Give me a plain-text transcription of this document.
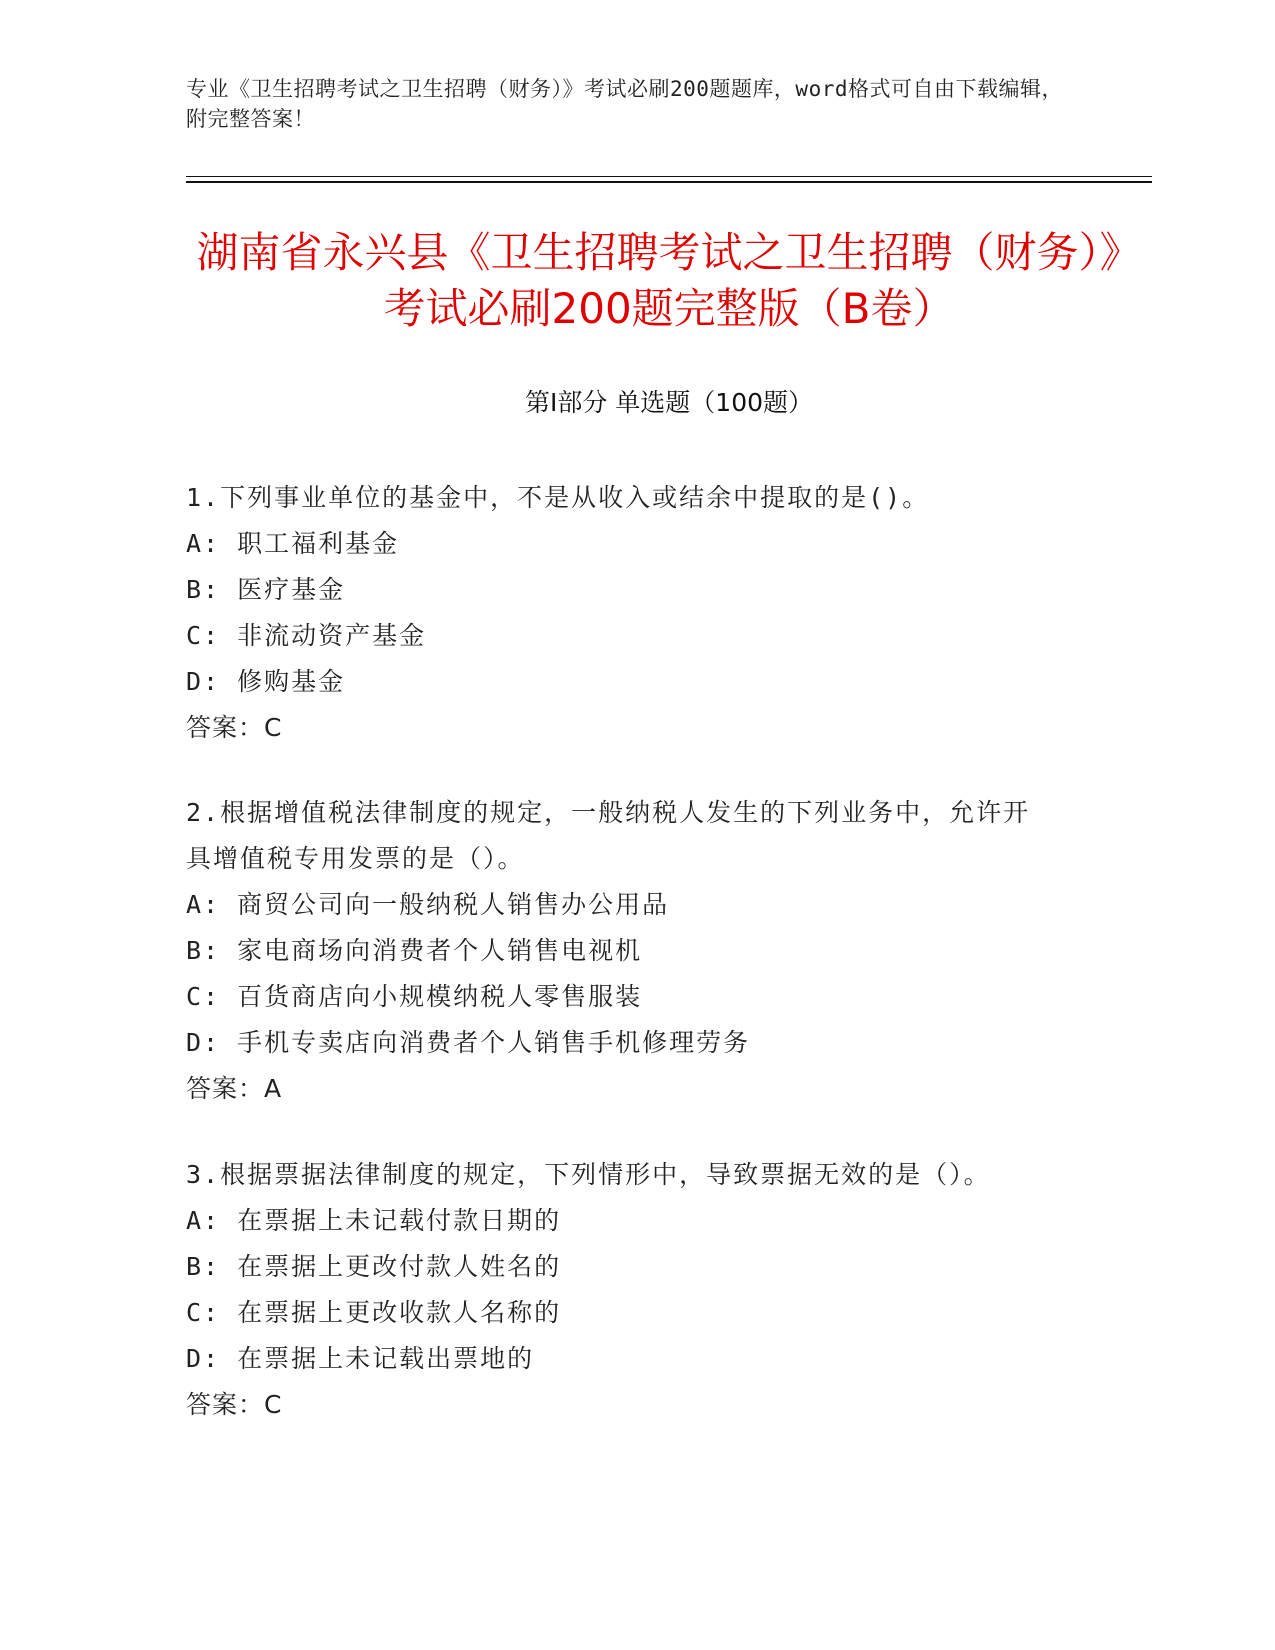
专业《卫生招聘考试之卫生招聘（财务）》考试必刷200题题库，word格式可自由下载编辑，附完整答案！
湖南省永兴县《卫生招聘考试之卫生招聘（财务）》考试必刷200题完整版（B卷）
第Ⅰ部分 单选题（100题）
1.下列事业单位的基金中，不是从收入或结余中提取的是()。
A: 职工福利基金
B: 医疗基金
C: 非流动资产基金
D: 修购基金
答案：C
2.根据增值税法律制度的规定，一般纳税人发生的下列业务中，允许开具增值税专用发票的是（）。
A: 商贸公司向一般纳税人销售办公用品
B: 家电商场向消费者个人销售电视机
C: 百货商店向小规模纳税人零售服装
D: 手机专卖店向消费者个人销售手机修理劳务
答案：A
3.根据票据法律制度的规定，下列情形中，导致票据无效的是（）。
A: 在票据上未记载付款日期的
B: 在票据上更改付款人姓名的
C: 在票据上更改收款人名称的
D: 在票据上未记载出票地的
答案：C
